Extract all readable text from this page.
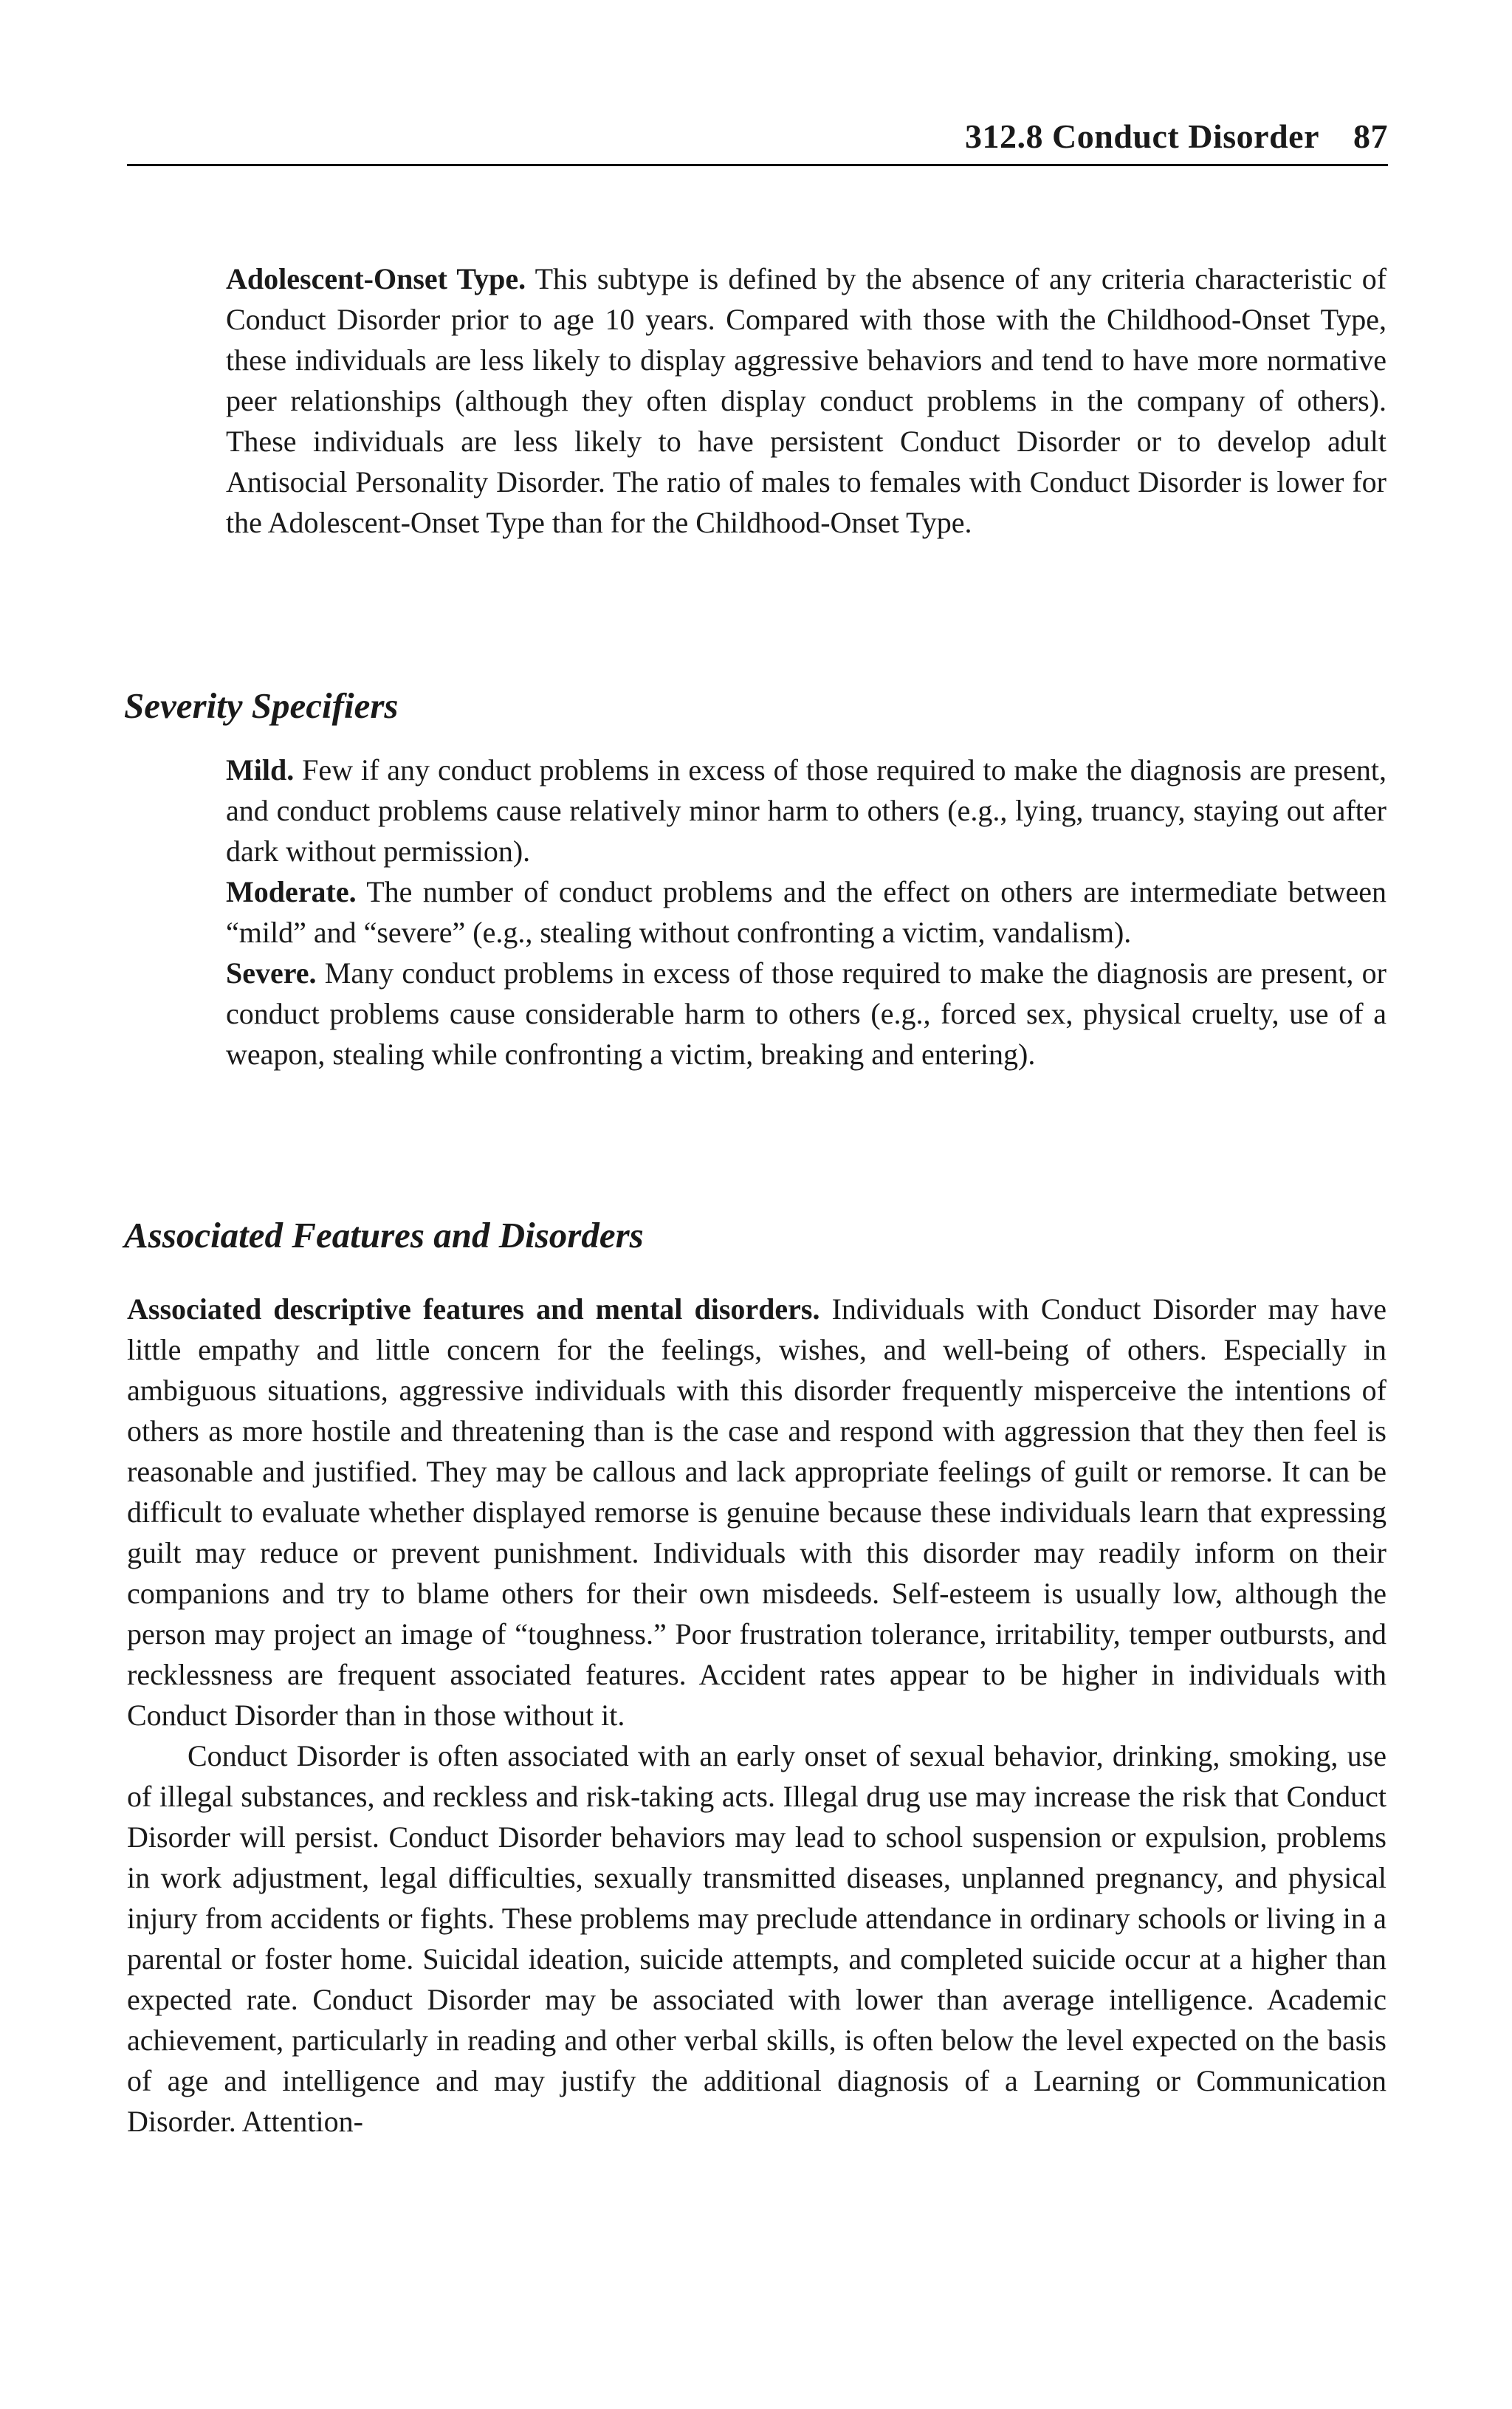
312.8 Conduct Disorder 87

Adolescent-Onset Type. This subtype is defined by the absence of any criteria characteristic of Conduct Disorder prior to age 10 years. Compared with those with the Childhood-Onset Type, these individuals are less likely to display aggressive behaviors and tend to have more normative peer relationships (although they often display conduct problems in the company of others). These individuals are less likely to have persistent Conduct Disorder or to develop adult Antisocial Personality Disorder. The ratio of males to females with Conduct Disorder is lower for the Adolescent-Onset Type than for the Childhood-Onset Type.

Severity Specifiers

Mild. Few if any conduct problems in excess of those required to make the diagnosis are present, and conduct problems cause relatively minor harm to others (e.g., lying, truancy, staying out after dark without permission).

Moderate. The number of conduct problems and the effect on others are intermediate between “mild” and “severe” (e.g., stealing without confronting a victim, vandalism).

Severe. Many conduct problems in excess of those required to make the diagnosis are present, or conduct problems cause considerable harm to others (e.g., forced sex, physical cruelty, use of a weapon, stealing while confronting a victim, breaking and entering).

Associated Features and Disorders

Associated descriptive features and mental disorders. Individuals with Conduct Disorder may have little empathy and little concern for the feelings, wishes, and well-being of others. Especially in ambiguous situations, aggressive individuals with this disorder frequently misperceive the intentions of others as more hostile and threatening than is the case and respond with aggression that they then feel is reasonable and justified. They may be callous and lack appropriate feelings of guilt or remorse. It can be difficult to evaluate whether displayed remorse is genuine because these individuals learn that expressing guilt may reduce or prevent punishment. Individuals with this disorder may readily inform on their companions and try to blame others for their own misdeeds. Self-esteem is usually low, although the person may project an image of “toughness.” Poor frustration tolerance, irritability, temper outbursts, and recklessness are frequent associated features. Accident rates appear to be higher in individuals with Conduct Disorder than in those without it.

Conduct Disorder is often associated with an early onset of sexual behavior, drinking, smoking, use of illegal substances, and reckless and risk-taking acts. Illegal drug use may increase the risk that Conduct Disorder will persist. Conduct Disorder behaviors may lead to school suspension or expulsion, problems in work adjustment, legal difficulties, sexually transmitted diseases, unplanned pregnancy, and physical injury from accidents or fights. These problems may preclude attendance in ordinary schools or living in a parental or foster home. Suicidal ideation, suicide attempts, and completed suicide occur at a higher than expected rate. Conduct Disorder may be associated with lower than average intelligence. Academic achievement, particularly in reading and other verbal skills, is often below the level expected on the basis of age and intelligence and may justify the additional diagnosis of a Learning or Communication Disorder. Attention-
